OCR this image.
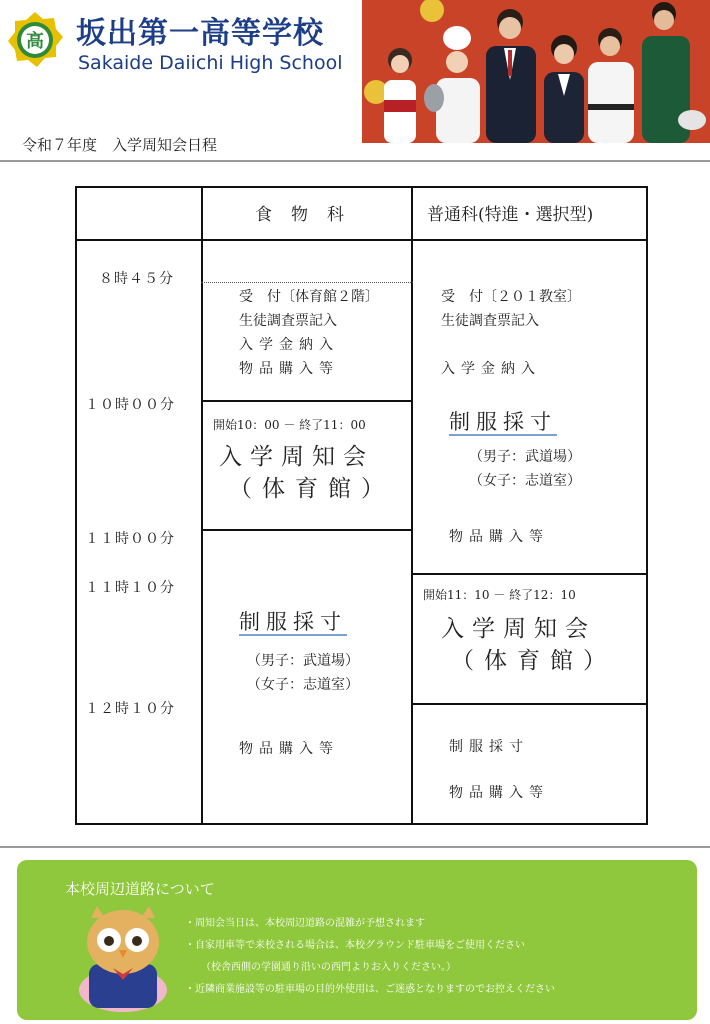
高 坂出第一高等学校
Sakaide Daiichi High School
令和７年度　入学周知会日程
食　物　科	普通科(特進・選択型)
８時４５分
１０時００分
１１時００分
１１時１０分
１２時１０分
受　付〔体育館２階〕
生徒調査票記入
入学金納入
物品購入等
開始10：00 － 終了11：00
入学周知会
（体育館）
制服採寸
（男子：武道場）
（女子：志道室）
物品購入等
受　付〔２０１教室〕
生徒調査票記入
入学金納入
制服採寸
（男子：武道場）
（女子：志道室）
物品購入等
開始11：10 － 終了12：10
入学周知会
（体育館）
制服採寸
物品購入等
本校周辺道路について
・周知会当日は、本校周辺道路の混雑が予想されます
・自家用車等で来校される場合は、本校グラウンド駐車場をご使用ください
（校舎西側の学園通り沿いの西門よりお入りください。）
・近隣商業施設等の駐車場の目的外使用は、ご迷惑となりますのでお控えください
